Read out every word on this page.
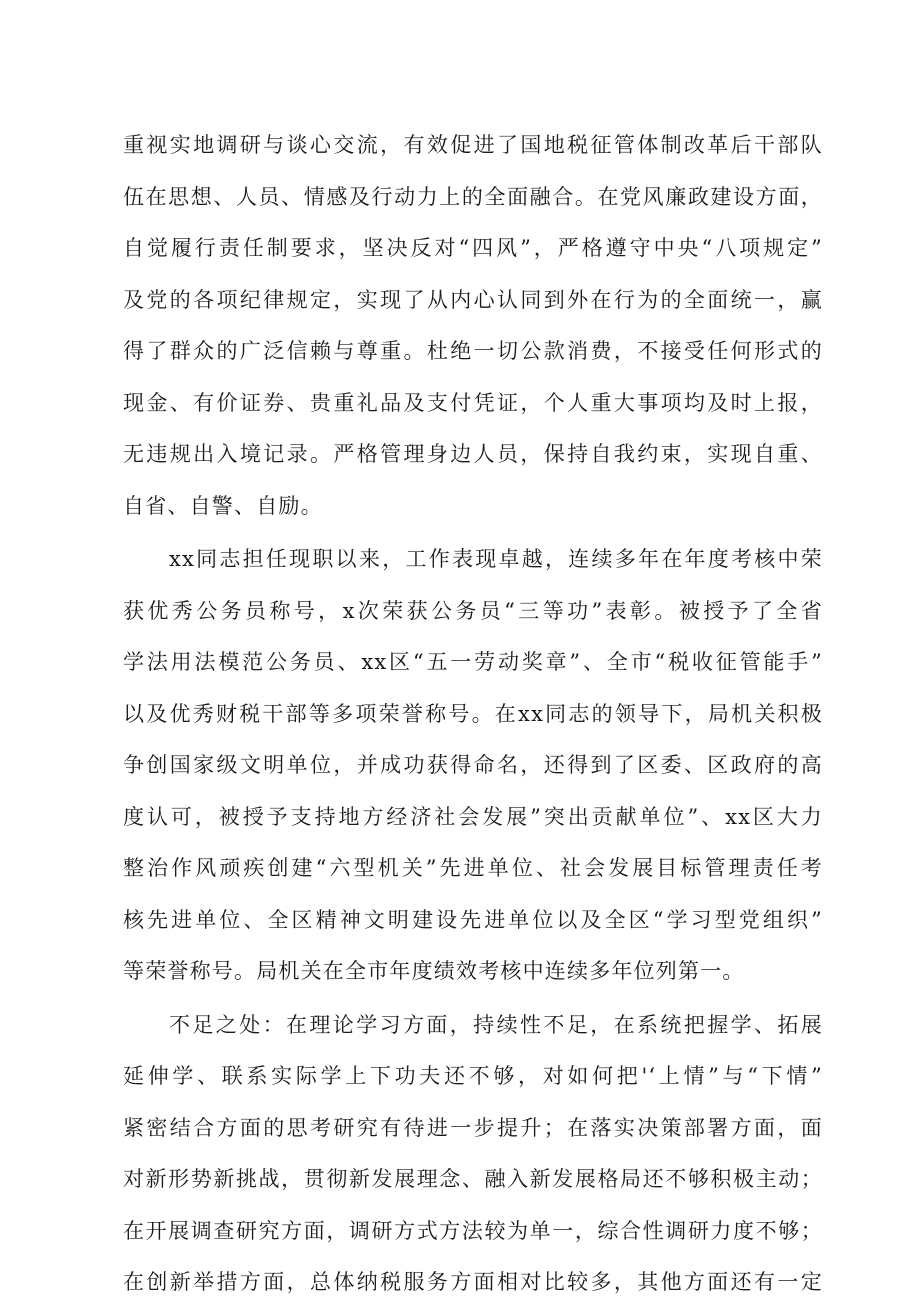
重视实地调研与谈心交流，有效促进了国地税征管体制改革后干部队
伍在思想、人员、情感及行动力上的全面融合。在党风廉政建设方面，
自觉履行责任制要求，坚决反对“四风”，严格遵守中央“八项规定”
及党的各项纪律规定，实现了从内心认同到外在行为的全面统一，赢
得了群众的广泛信赖与尊重。杜绝一切公款消费，不接受任何形式的
现金、有价证券、贵重礼品及支付凭证，个人重大事项均及时上报，
无违规出入境记录。严格管理身边人员，保持自我约束，实现自重、
自省、自警、自励。
xx同志担任现职以来，工作表现卓越，连续多年在年度考核中荣
获优秀公务员称号，x次荣获公务员“三等功”表彰。被授予了全省
学法用法模范公务员、xx区“五一劳动奖章”、全市“税收征管能手”
以及优秀财税干部等多项荣誉称号。在xx同志的领导下，局机关积极
争创国家级文明单位，并成功获得命名，还得到了区委、区政府的高
度认可，被授予支持地方经济社会发展”突出贡献单位”、xx区大力
整治作风顽疾创建“六型机关”先进单位、社会发展目标管理责任考
核先进单位、全区精神文明建设先进单位以及全区“学习型党组织”
等荣誉称号。局机关在全市年度绩效考核中连续多年位列第一。
不足之处：在理论学习方面，持续性不足，在系统把握学、拓展
延伸学、联系实际学上下功夫还不够，对如何把'‘上情”与“下情”
紧密结合方面的思考研究有待进一步提升；在落实决策部署方面，面
对新形势新挑战，贯彻新发展理念、融入新发展格局还不够积极主动；
在开展调查研究方面，调研方式方法较为单一，综合性调研力度不够；
在创新举措方面，总体纳税服务方面相对比较多，其他方面还有一定
